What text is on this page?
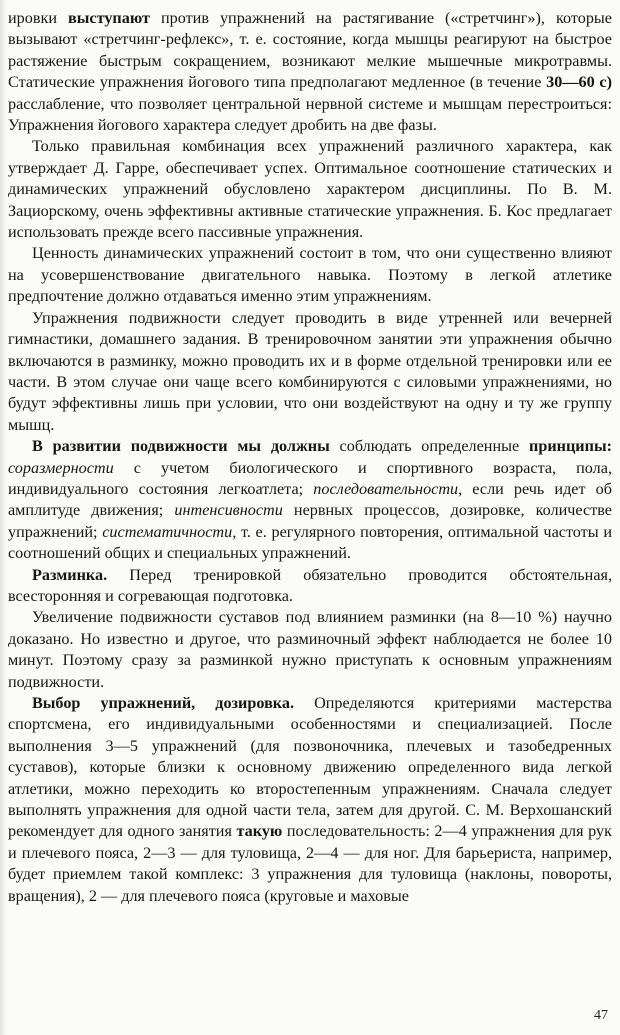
ировки выступают против упражнений на растягивание («стретчинг»), которые вызывают «стретчинг-рефлекс», т. е. состояние, когда мышцы реагируют на быстрое растяжение быстрым сокращением, возникают мелкие мышечные микротравмы. Статические упражнения йогового типа предполагают медленное (в течение 30—60 с) расслабление, что позволяет центральной нервной системе и мышцам перестроиться: Упражнения йогового характера следует дробить на две фазы.

Только правильная комбинация всех упражнений различного характера, как утверждает Д. Гарре, обеспечивает успех. Оптимальное соотношение статических и динамических упражнений обусловлено характером дисциплины. По В. М. Зациорскому, очень эффективны активные статические упражнения. Б. Кос предлагает использовать прежде всего пассивные упражнения.

Ценность динамических упражнений состоит в том, что они существенно влияют на усовершенствование двигательного навыка. Поэтому в легкой атлетике предпочтение должно отдаваться именно этим упражнениям.

Упражнения подвижности следует проводить в виде утренней или вечерней гимнастики, домашнего задания. В тренировочном занятии эти упражнения обычно включаются в разминку, можно проводить их и в форме отдельной тренировки или ее части. В этом случае они чаще всего комбинируются с силовыми упражнениями, но будут эффективны лишь при условии, что они воздействуют на одну и ту же группу мышц.

В развитии подвижности мы должны соблюдать определенные принципы: соразмерности с учетом биологического и спортивного возраста, пола, индивидуального состояния легкоатлета; последовательности, если речь идет об амплитуде движения; интенсивности нервных процессов, дозировке, количестве упражнений; систематичности, т. е. регулярного повторения, оптимальной частоты и соотношений общих и специальных упражнений.

Разминка. Перед тренировкой обязательно проводится обстоятельная, всесторонняя и согревающая подготовка.

Увеличение подвижности суставов под влиянием разминки (на 8—10 %) научно доказано. Но известно и другое, что разминочный эффект наблюдается не более 10 минут. Поэтому сразу за разминкой нужно приступать к основным упражнениям подвижности.

Выбор упражнений, дозировка. Определяются критериями мастерства спортсмена, его индивидуальными особенностями и специализацией. После выполнения 3—5 упражнений (для позвоночника, плечевых и тазобедренных суставов), которые близки к основному движению определенного вида легкой атлетики, можно переходить ко второстепенным упражнениям. Сначала следует выполнять упражнения для одной части тела, затем для другой. С. М. Верхошанский рекомендует для одного занятия такую последовательность: 2—4 упражнения для рук и плечевого пояса, 2—3 — для туловища, 2—4 — для ног. Для барьериста, например, будет приемлем такой комплекс: 3 упражнения для туловища (наклоны, повороты, вращения), 2 — для плечевого пояса (круговые и маховые

47
